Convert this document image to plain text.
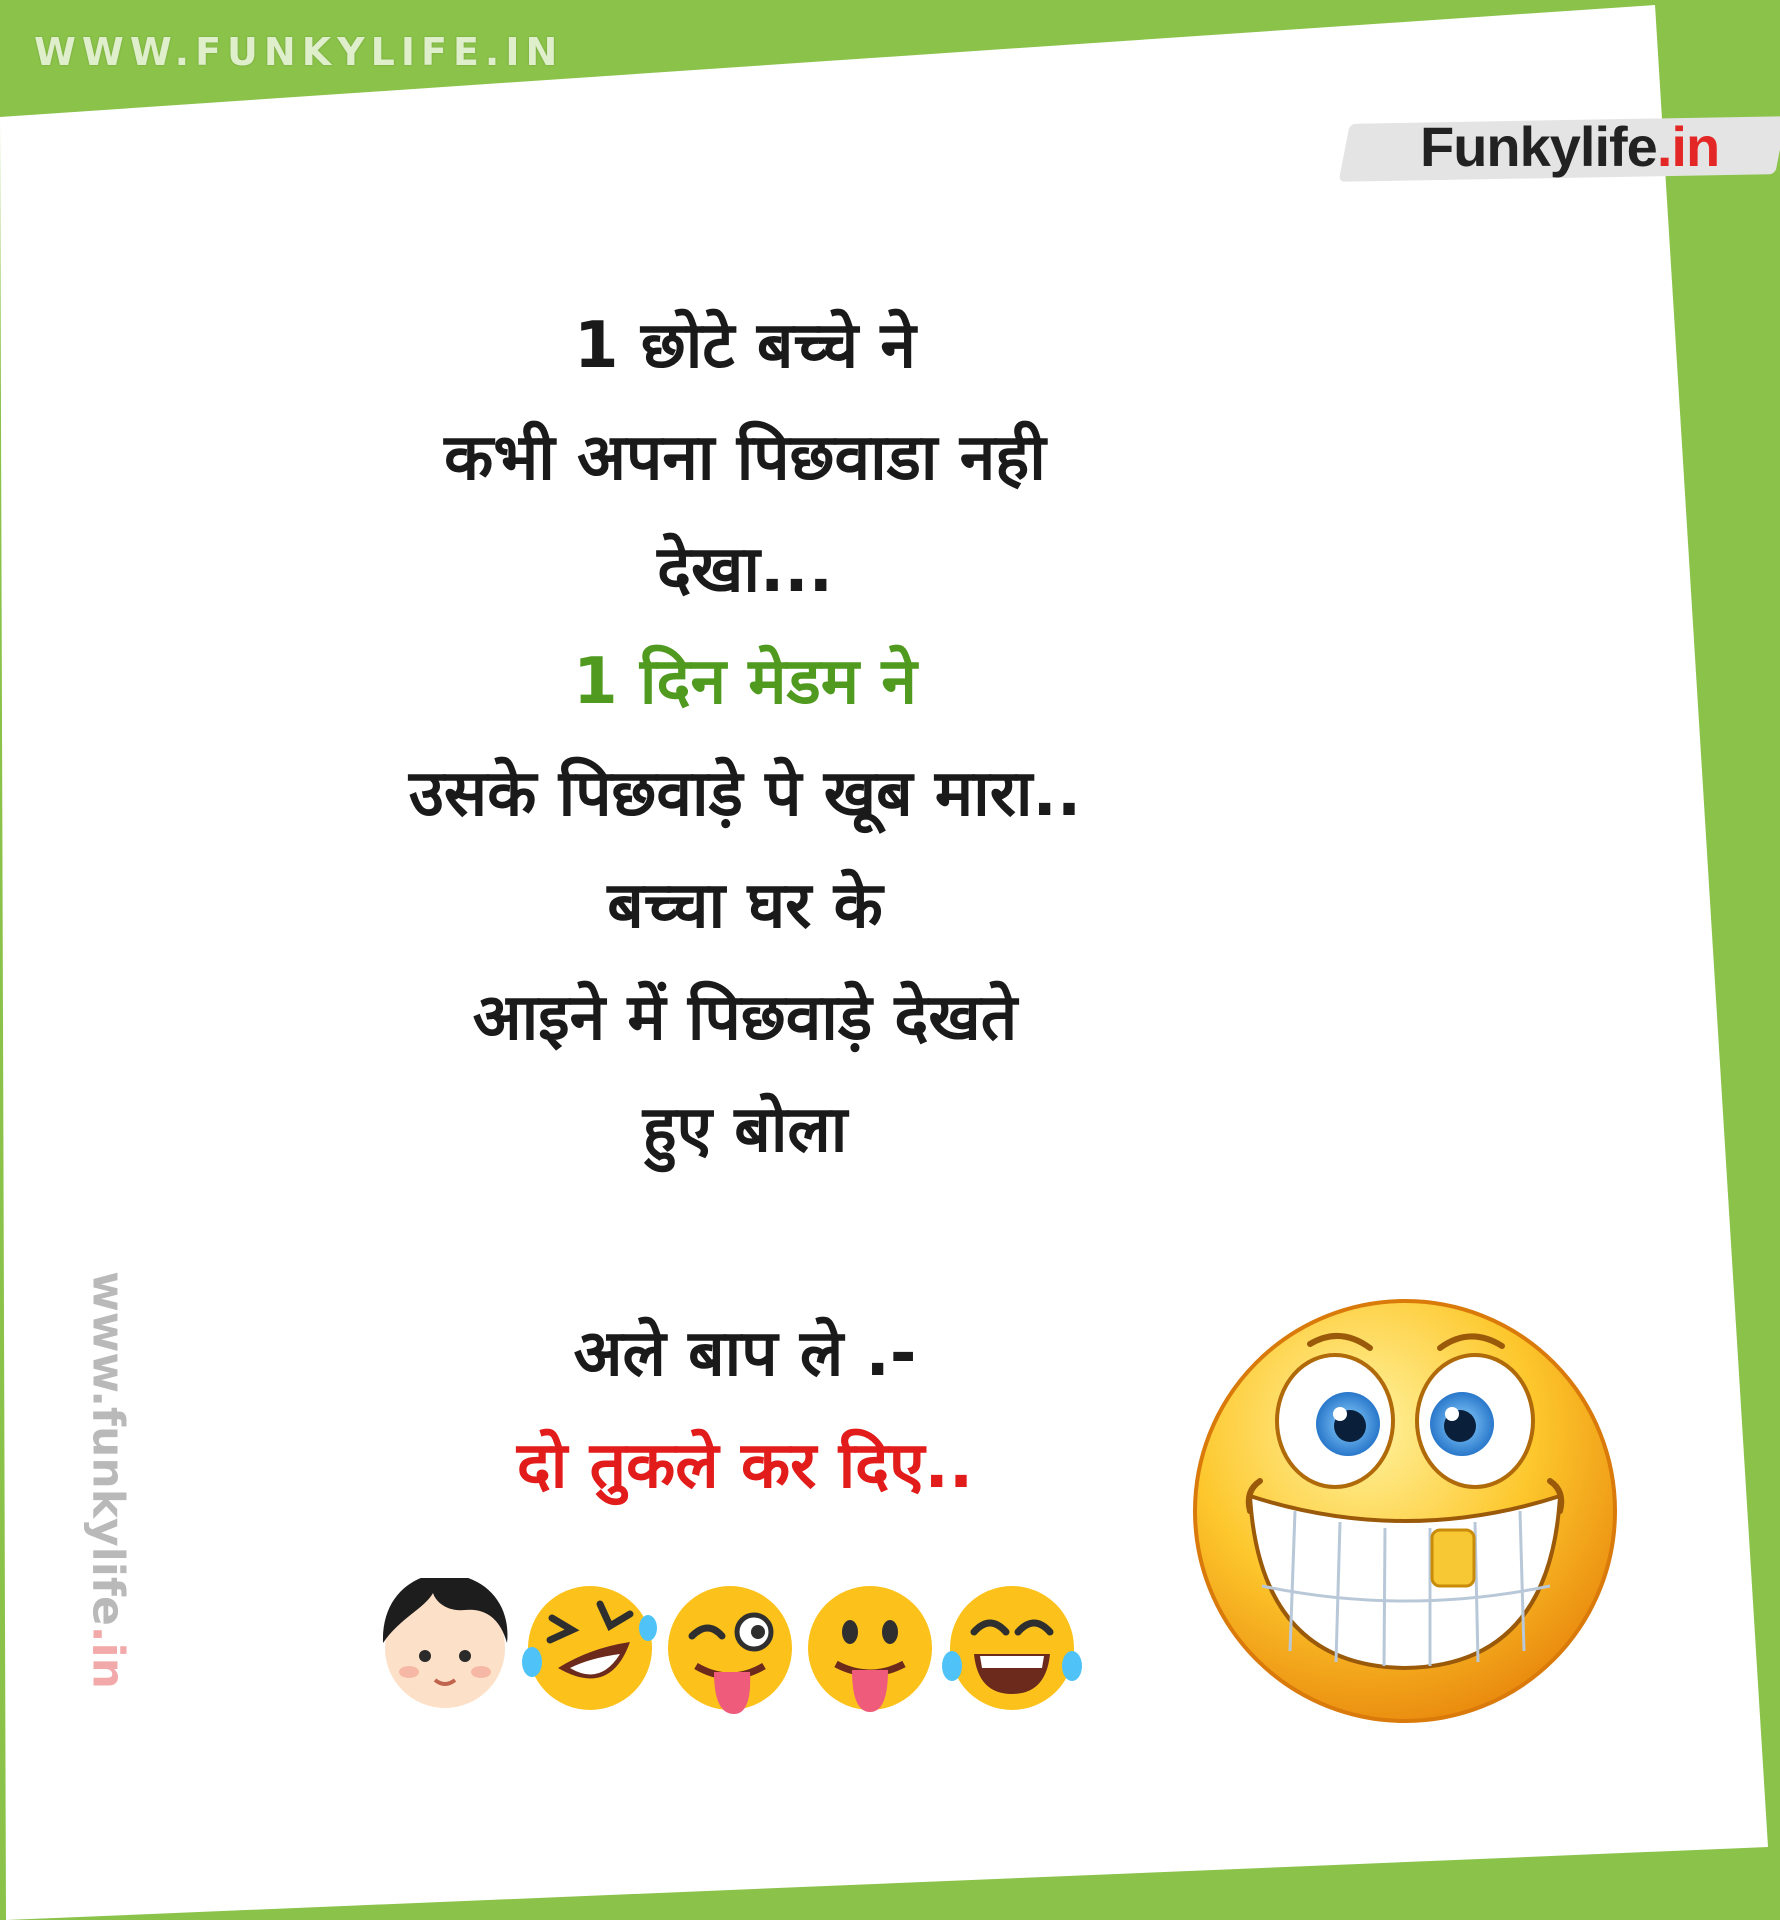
WWW.FUNKYLIFE.IN
Funkylife.in
1 छोटे बच्चे ने
कभी अपना पिछवाडा नही
देखा...
1 दिन मेडम ने
उसके पिछवाड़े पे खूब मारा..
बच्चा घर के
आइने में पिछवाड़े देखते
हुए बोला
अले बाप ले .-
दो तुकले कर दिए..
www.funkylife.in
